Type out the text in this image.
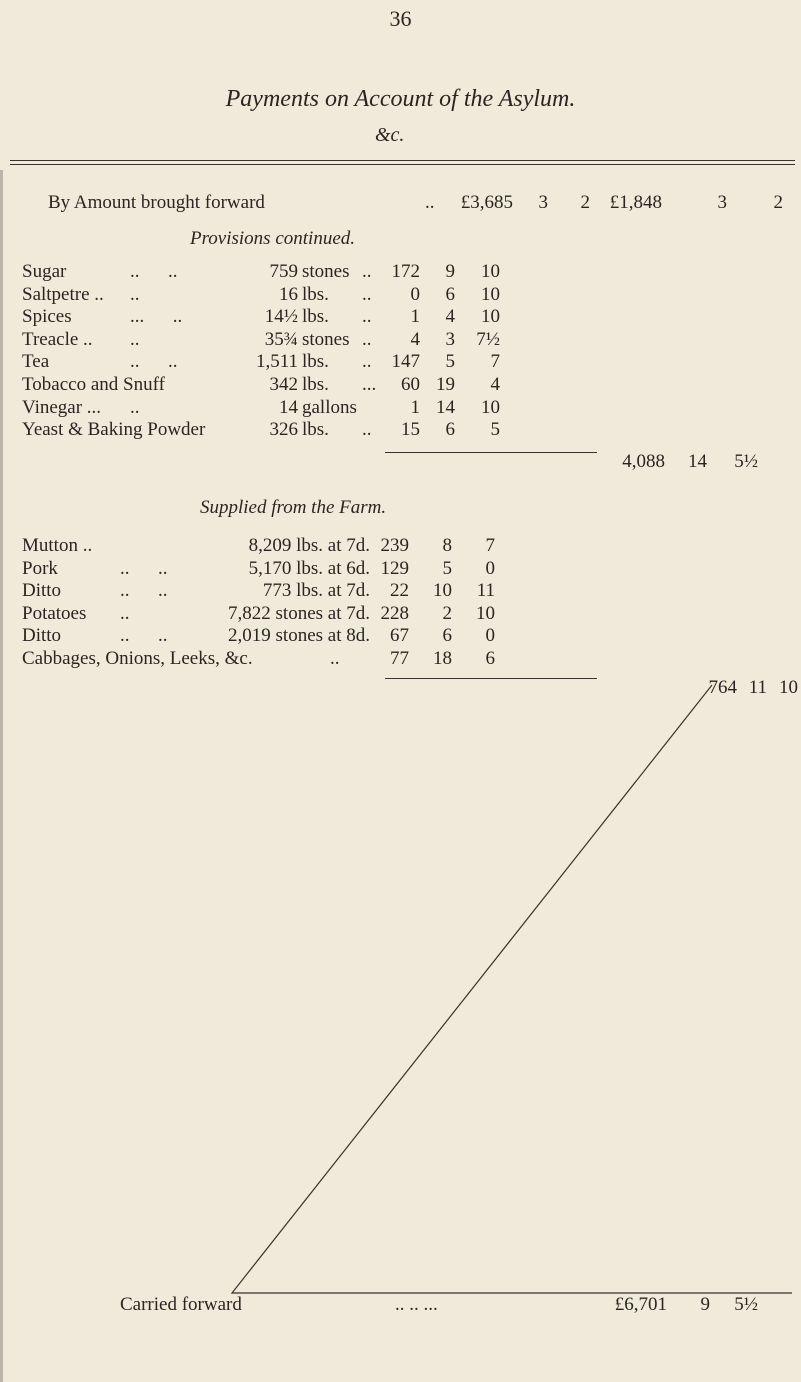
36
Payments on Account of the Asylum.
&c.
By Amount brought forward	..	£3,685	3	2	£1,848	3	2
Provisions continued.
Sugar	..      ..	759 stones ..	172	9	10
Saltpetre .. ..	16 lbs. ..	0	6	10
Spices	...      ..	14½ lbs. ..	1	4	10
Treacle .. ..	35¾ stones ..	4	3	7½
Tea	..      ..	1,511 lbs. ..	147	5	7
Tobacco and Snuff	342 lbs. ...	60 19	4
Vinegar ... ..	14 gallons	1 14	10
Yeast & Baking Powder	326 lbs. ..	15	6	5
4,088	14	5½
Supplied from the Farm.
Mutton ..	8,209 lbs. at 7d. 239	8	7
Pork	..      ..	5,170 lbs. at 6d. 129	5	0
Ditto	..      ..	773 lbs. at 7d.	22	10	11
Potatoes ..	7,822 stones at 7d. 228	2	10
Ditto	..      ..	2,019 stones at 8d.	67	6	0
Cabbages, Onions, Leeks, &c.	..	77	18	6
764 11 10
Carried forward	.. .. ...	£6,701	9	5½
